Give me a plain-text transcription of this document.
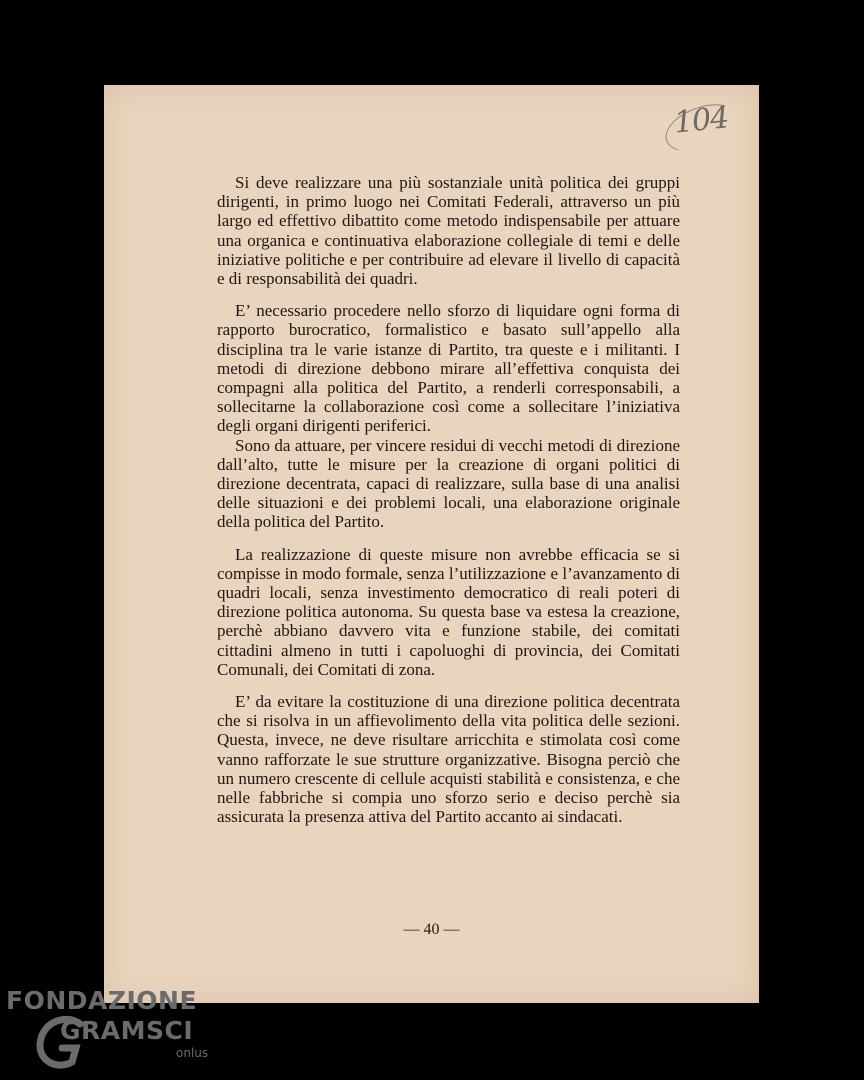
104

Si deve realizzare una più sostanziale unità politica dei gruppi dirigenti, in primo luogo nei Comitati Federali, attraverso un più largo ed effettivo dibattito come metodo indispensabile per attuare una organica e continuativa elaborazione collegiale di temi e delle iniziative politiche e per contribuire ad elevare il livello di capacità e di responsabilità dei quadri.

E’ necessario procedere nello sforzo di liquidare ogni forma di rapporto burocratico, formalistico e basato sull’appello alla disciplina tra le varie istanze di Partito, tra queste e i militanti. I metodi di direzione debbono mirare all’effettiva conquista dei compagni alla politica del Partito, a renderli corresponsabili, a sollecitarne la collaborazione così come a sollecitare l’iniziativa degli organi dirigenti periferici.

Sono da attuare, per vincere residui di vecchi metodi di direzione dall’alto, tutte le misure per la creazione di organi politici di direzione decentrata, capaci di realizzare, sulla base di una analisi delle situazioni e dei problemi locali, una elaborazione originale della politica del Partito.

La realizzazione di queste misure non avrebbe efficacia se si compisse in modo formale, senza l’utilizzazione e l’avanzamento di quadri locali, senza investimento democratico di reali poteri di direzione politica autonoma. Su questa base va estesa la creazione, perchè abbiano davvero vita e funzione stabile, dei comitati cittadini almeno in tutti i capoluoghi di provincia, dei Comitati Comunali, dei Comitati di zona.

E’ da evitare la costituzione di una direzione politica decentrata che si risolva in un affievolimento della vita politica delle sezioni. Questa, invece, ne deve risultare arricchita e stimolata così come vanno rafforzate le sue strutture organizzative. Bisogna perciò che un numero crescente di cellule acquisti stabilità e consistenza, e che nelle fabbriche si compia uno sforzo serio e deciso perchè sia assicurata la presenza attiva del Partito accanto ai sindacati.

— 40 —
FONDAZIONE
GRAMSCI
onlus
